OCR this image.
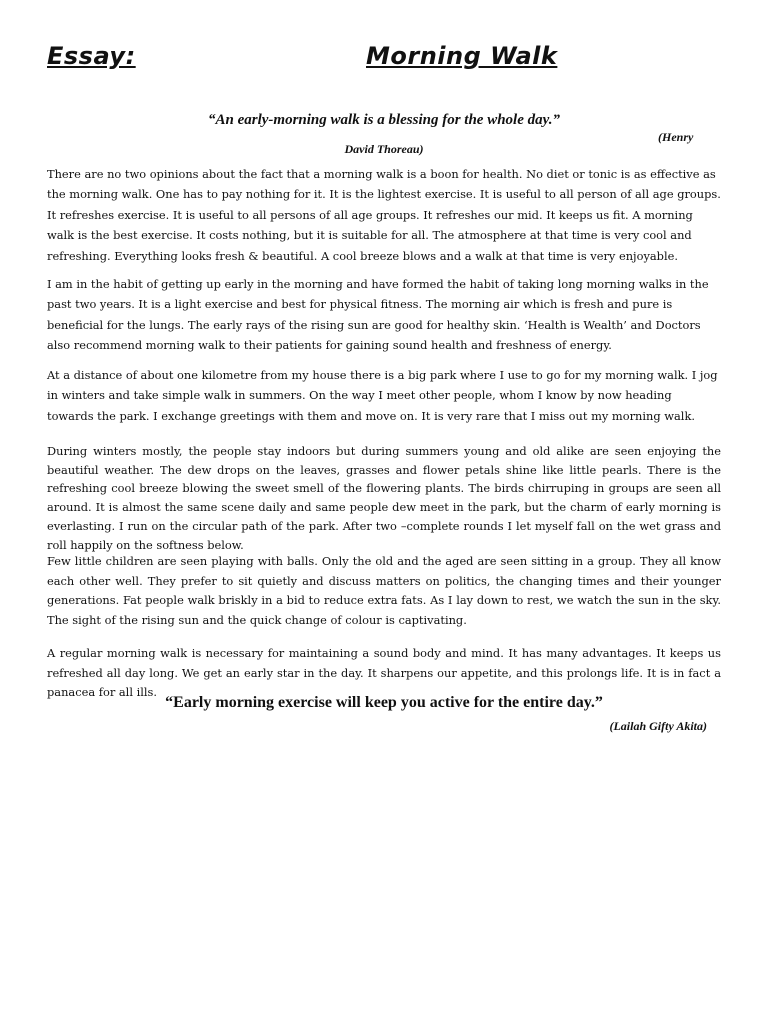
Essay:	Morning Walk
“An early-morning walk is a blessing for the whole day.”
(Henry
David Thoreau)

There are no two opinions about the fact that a morning walk is a boon for health. No diet or tonic is as effective as the morning walk. One has to pay nothing for it. It is the lightest exercise. It is useful to all person of all age groups. It refreshes exercise. It is useful to all persons of all age groups. It refreshes our mid. It keeps us fit. A morning walk is the best exercise. It costs nothing, but it is suitable for all. The atmosphere at that time is very cool and refreshing. Everything looks fresh & beautiful. A cool breeze blows and a walk at that time is very enjoyable.

I am in the habit of getting up early in the morning and have formed the habit of taking long morning walks in the past two years. It is a light exercise and best for physical fitness. The morning air which is fresh and pure is beneficial for the lungs. The early rays of the rising sun are good for healthy skin. ‘Health is Wealth’ and Doctors also recommend morning walk to their patients for gaining sound health and freshness of energy.

At a distance of about one kilometre from my house there is a big park where I use to go for my morning walk. I jog in winters and take simple walk in summers. On the way I meet other people, whom I know by now heading towards the park. I exchange greetings with them and move on. It is very rare that I miss out my morning walk.

During winters mostly, the people stay indoors but during summers young and old alike are seen enjoying the beautiful weather. The dew drops on the leaves, grasses and flower petals shine like little pearls. There is the refreshing cool breeze blowing the sweet smell of the flowering plants. The birds chirruping in groups are seen all around. It is almost the same scene daily and same people dew meet in the park, but the charm of early morning is everlasting. I run on the circular path of the park. After two –complete rounds I let myself fall on the wet grass and roll happily on the softness below.

Few little children are seen playing with balls. Only the old and the aged are seen sitting in a group. They all know each other well. They prefer to sit quietly and discuss matters on politics, the changing times and their younger generations. Fat people walk briskly in a bid to reduce extra fats. As I lay down to rest, we watch the sun in the sky. The sight of the rising sun and the quick change of colour is captivating.

A regular morning walk is necessary for maintaining a sound body and mind. It has many advantages. It keeps us refreshed all day long. We get an early star in the day. It sharpens our appetite, and this prolongs life. It is in fact a panacea for all ills.

“Early morning exercise will keep you active for the entire day.”
(Lailah Gifty Akita)
